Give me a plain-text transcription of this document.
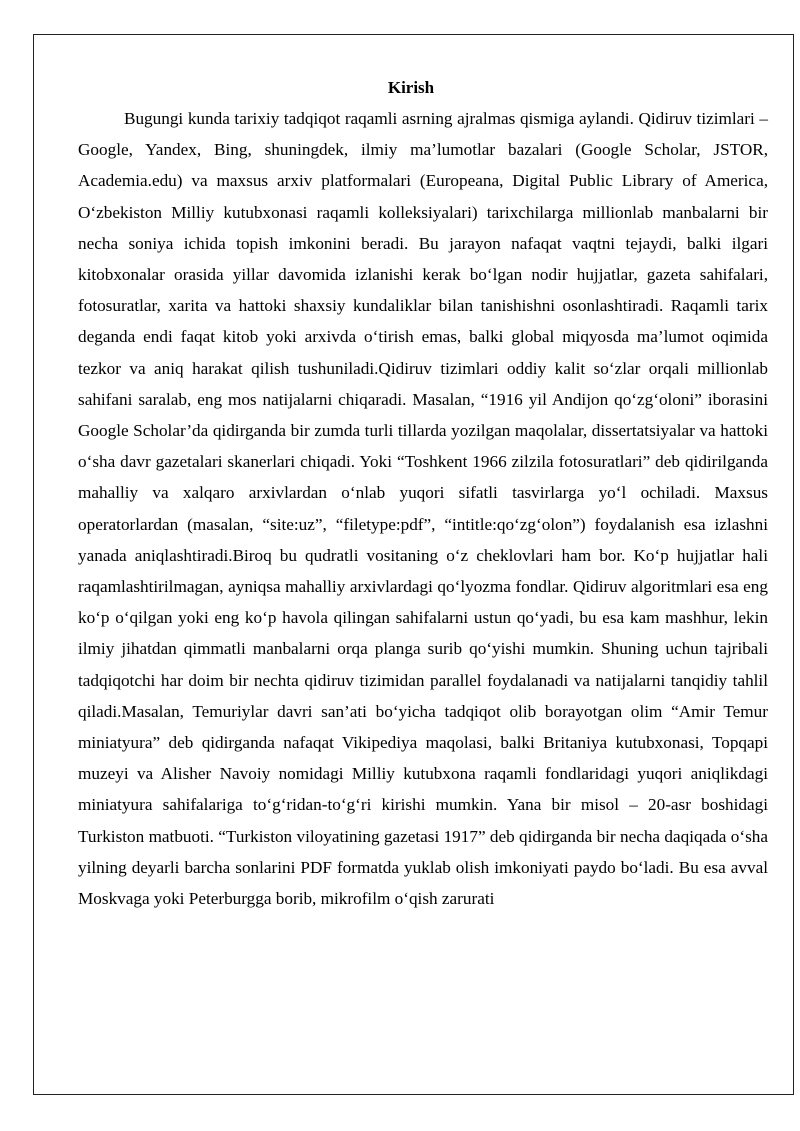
Kirish

Bugungi kunda tarixiy tadqiqot raqamli asrning ajralmas qismiga aylandi. Qidiruv tizimlari – Google, Yandex, Bing, shuningdek, ilmiy ma’lumotlar bazalari (Google Scholar, JSTOR, Academia.edu) va maxsus arxiv platformalari (Europeana, Digital Public Library of America, O‘zbekiston Milliy kutubxonasi raqamli kolleksiyalari) tarixchilarga millionlab manbalarni bir necha soniya ichida topish imkonini beradi. Bu jarayon nafaqat vaqtni tejaydi, balki ilgari kitobxonalar orasida yillar davomida izlanishi kerak bo‘lgan nodir hujjatlar, gazeta sahifalari, fotosuratlar, xarita va hattoki shaxsiy kundaliklar bilan tanishishni osonlashtiradi. Raqamli tarix deganda endi faqat kitob yoki arxivda o‘tirish emas, balki global miqyosda ma’lumot oqimida tezkor va aniq harakat qilish tushuniladi.Qidiruv tizimlari oddiy kalit so‘zlar orqali millionlab sahifani saralab, eng mos natijalarni chiqaradi. Masalan, “1916 yil Andijon qo‘zg‘oloni” iborasini Google Scholar’da qidirganda bir zumda turli tillarda yozilgan maqolalar, dissertatsiyalar va hattoki o‘sha davr gazetalari skanerlari chiqadi. Yoki “Toshkent 1966 zilzila fotosuratlari” deb qidirilganda mahalliy va xalqaro arxivlardan o‘nlab yuqori sifatli tasvirlarga yo‘l ochiladi. Maxsus operatorlardan (masalan, “site:uz”, “filetype:pdf”, “intitle:qo‘zg‘olon”) foydalanish esa izlashni yanada aniqlashtiradi.Biroq bu qudratli vositaning o‘z cheklovlari ham bor. Ko‘p hujjatlar hali raqamlashtirilmagan, ayniqsa mahalliy arxivlardagi qo‘lyozma fondlar. Qidiruv algoritmlari esa eng ko‘p o‘qilgan yoki eng ko‘p havola qilingan sahifalarni ustun qo‘yadi, bu esa kam mashhur, lekin ilmiy jihatdan qimmatli manbalarni orqa planga surib qo‘yishi mumkin. Shuning uchun tajribali tadqiqotchi har doim bir nechta qidiruv tizimidan parallel foydalanadi va natijalarni tanqidiy tahlil qiladi.Masalan, Temuriylar davri san’ati bo‘yicha tadqiqot olib borayotgan olim “Amir Temur miniatyura” deb qidirganda nafaqat Vikipediya maqolasi, balki Britaniya kutubxonasi, Topqapi muzeyi va Alisher Navoiy nomidagi Milliy kutubxona raqamli fondlaridagi yuqori aniqlikdagi miniatyura sahifalariga to‘g‘ridan-to‘g‘ri kirishi mumkin. Yana bir misol – 20-asr boshidagi Turkiston matbuoti. “Turkiston viloyatining gazetasi 1917” deb qidirganda bir necha daqiqada o‘sha yilning deyarli barcha sonlarini PDF formatda yuklab olish imkoniyati paydo bo‘ladi. Bu esa avval Moskvaga yoki Peterburgga borib, mikrofilm o‘qish zarurati
